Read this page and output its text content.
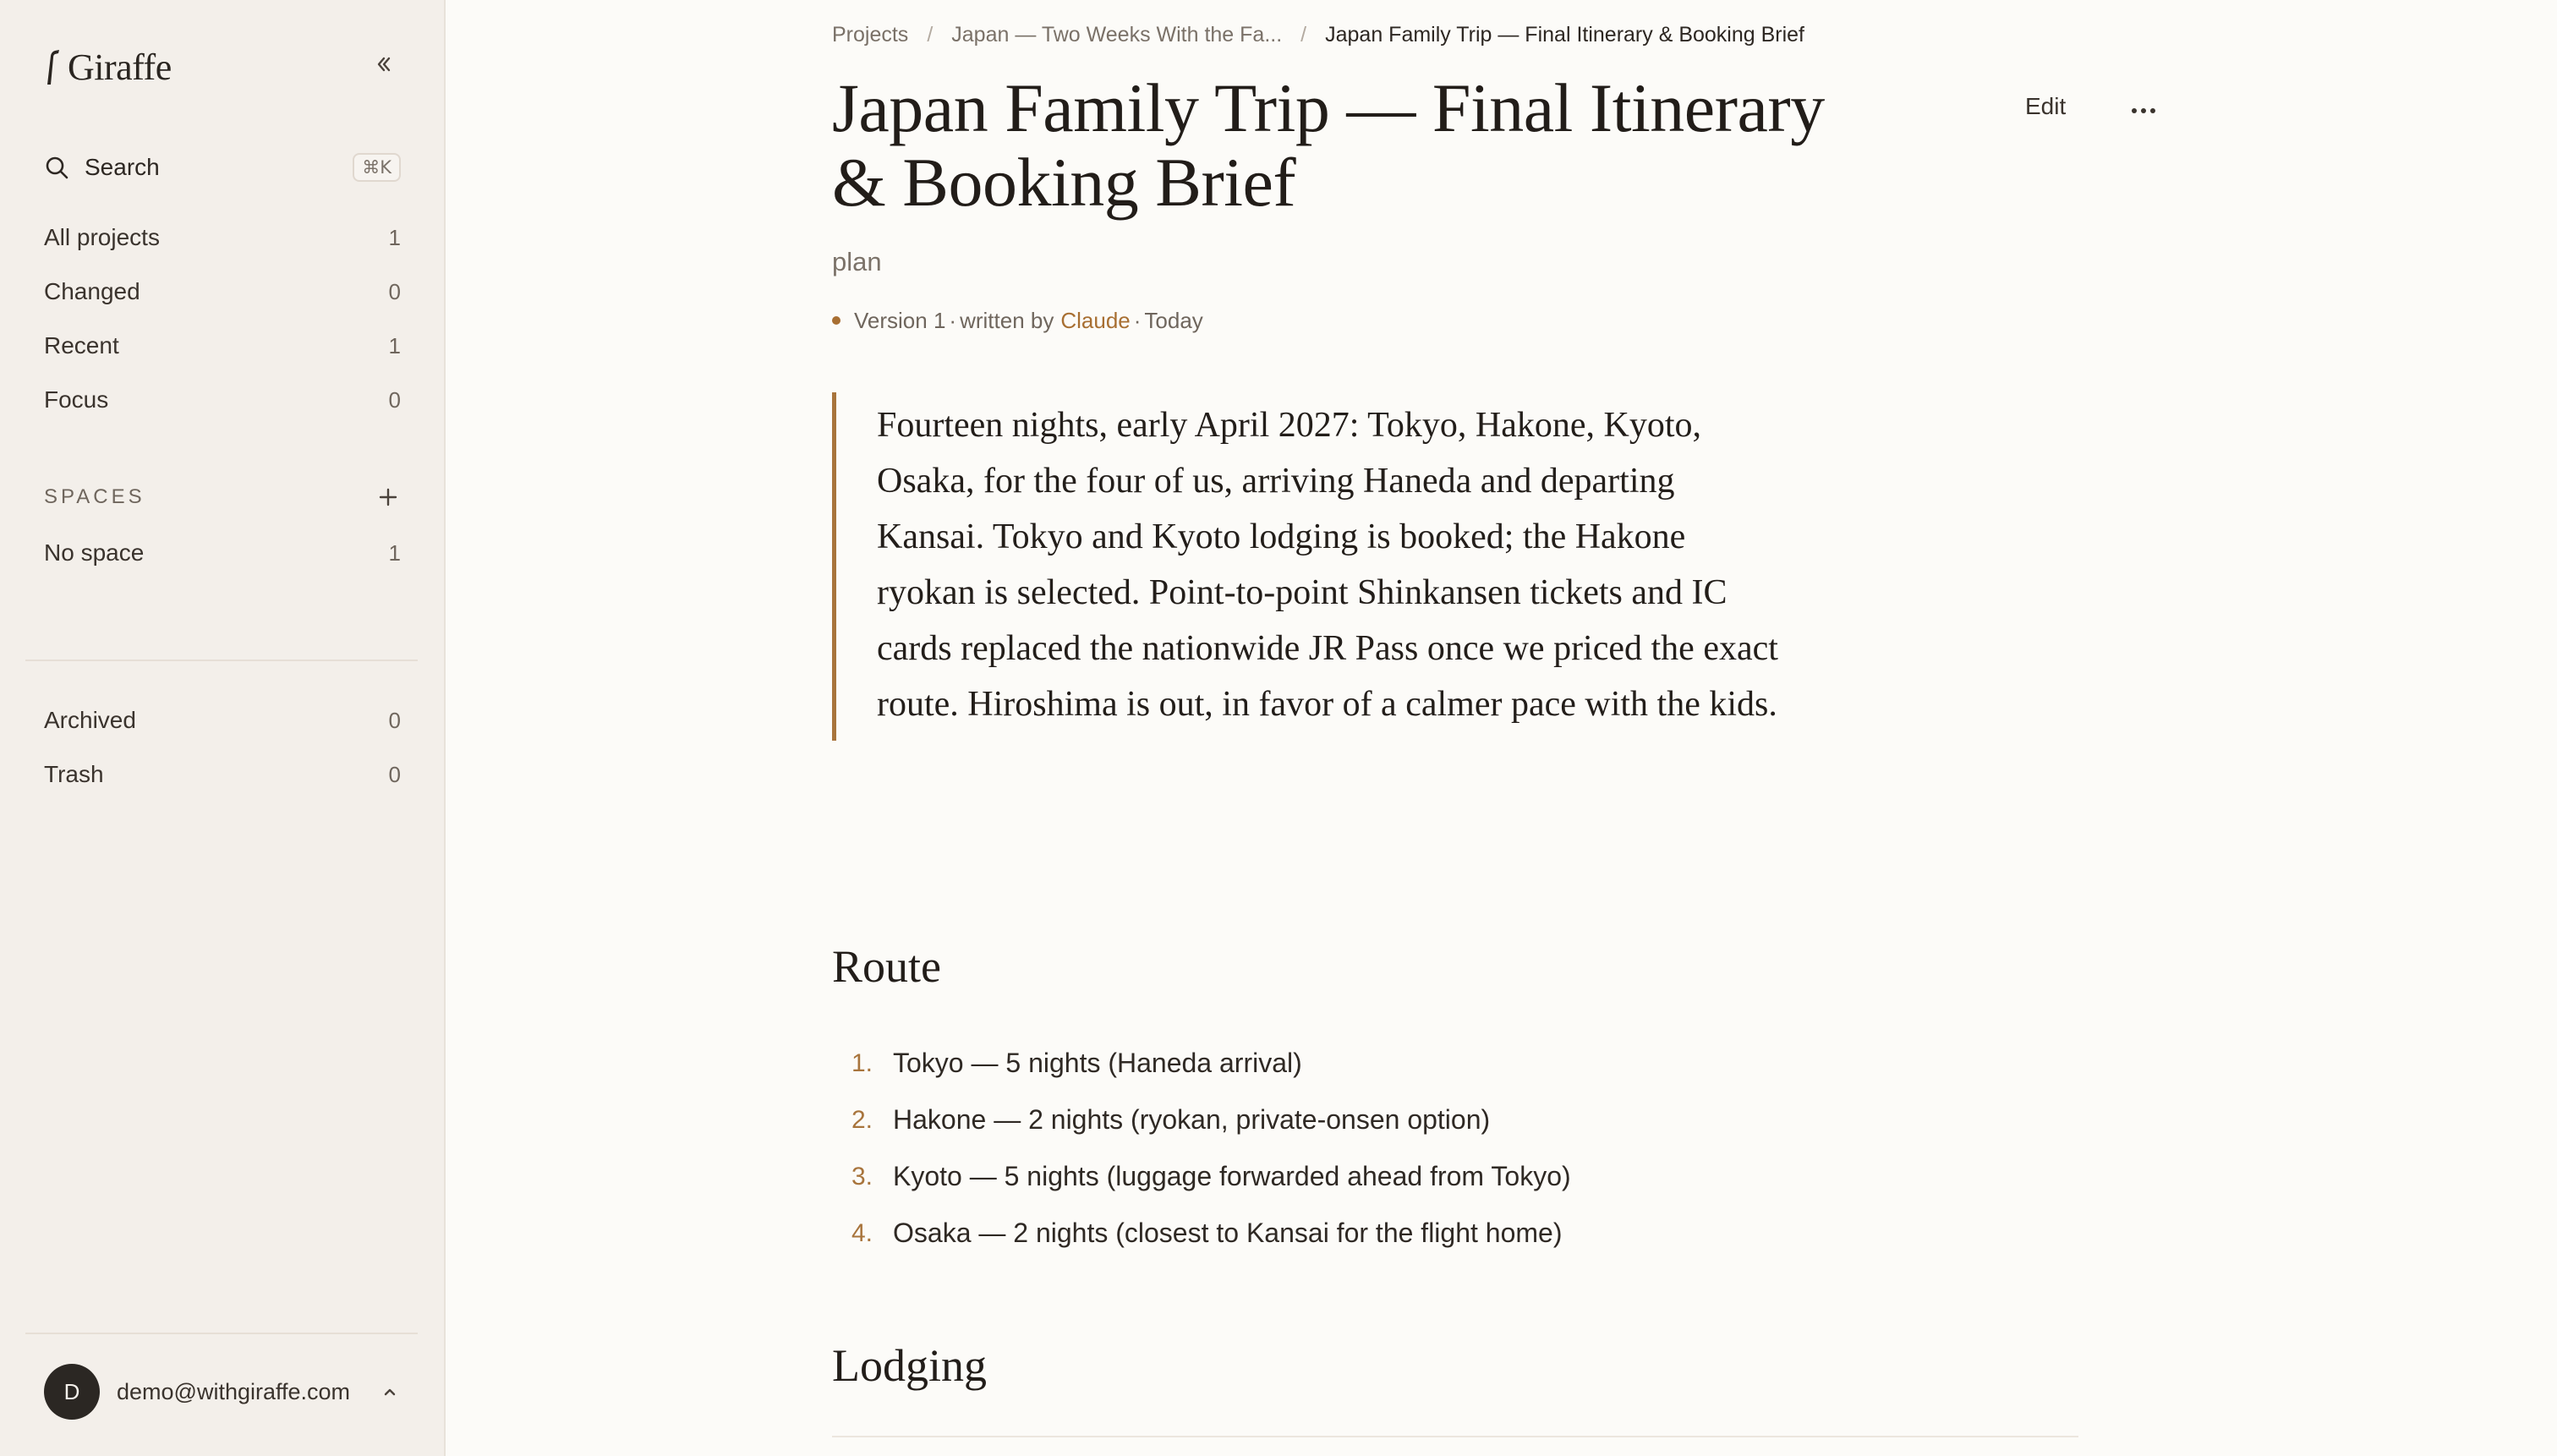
Giraffe
Search	⌘K
All projects	1
Changed	0
Recent	1
Focus	0
SPACES
No space	1
Archived	0
Trash	0
D	demo@withgiraffe.com
Projects / Japan — Two Weeks With the Fa... / Japan Family Trip — Final Itinerary & Booking Brief
Japan Family Trip — Final Itinerary & Booking Brief
Edit
plan
Version 1 · written by Claude · Today
Fourteen nights, early April 2027: Tokyo, Hakone, Kyoto, Osaka, for the four of us, arriving Haneda and departing Kansai. Tokyo and Kyoto lodging is booked; the Hakone ryokan is selected. Point-to-point Shinkansen tickets and IC cards replaced the nationwide JR Pass once we priced the exact route. Hiroshima is out, in favor of a calmer pace with the kids.
Route
1. Tokyo — 5 nights (Haneda arrival)
2. Hakone — 2 nights (ryokan, private-onsen option)
3. Kyoto — 5 nights (luggage forwarded ahead from Tokyo)
4. Osaka — 2 nights (closest to Kansai for the flight home)
Lodging
